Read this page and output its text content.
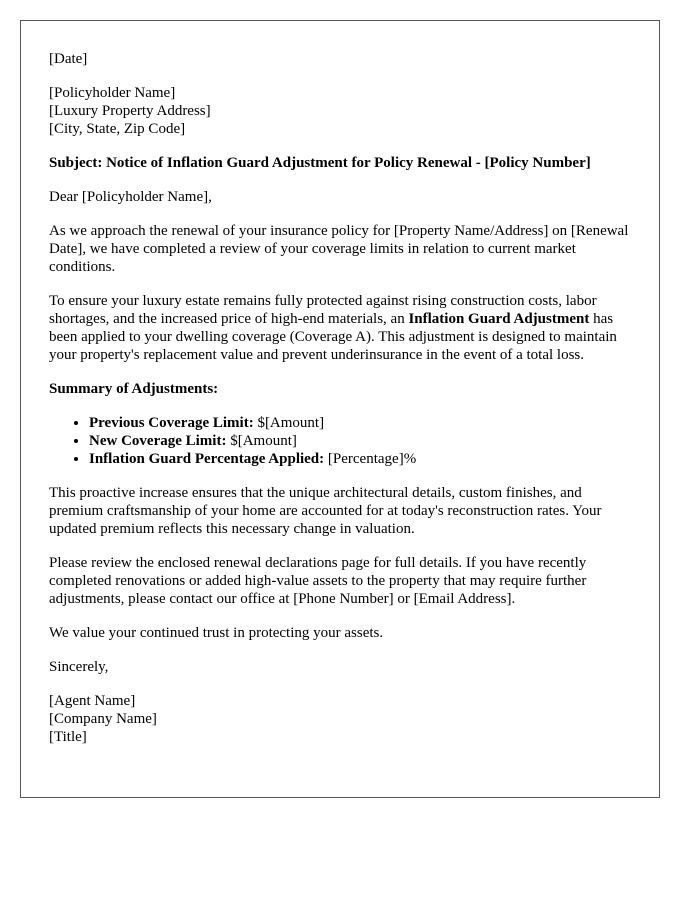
[Date]

[Policyholder Name]
[Luxury Property Address]
[City, State, Zip Code]

Subject: Notice of Inflation Guard Adjustment for Policy Renewal - [Policy Number]

Dear [Policyholder Name],

As we approach the renewal of your insurance policy for [Property Name/Address] on [Renewal Date], we have completed a review of your coverage limits in relation to current market conditions.

To ensure your luxury estate remains fully protected against rising construction costs, labor shortages, and the increased price of high-end materials, an Inflation Guard Adjustment has been applied to your dwelling coverage (Coverage A). This adjustment is designed to maintain your property's replacement value and prevent underinsurance in the event of a total loss.

Summary of Adjustments:

• Previous Coverage Limit: $[Amount]
• New Coverage Limit: $[Amount]
• Inflation Guard Percentage Applied: [Percentage]%

This proactive increase ensures that the unique architectural details, custom finishes, and premium craftsmanship of your home are accounted for at today's reconstruction rates. Your updated premium reflects this necessary change in valuation.

Please review the enclosed renewal declarations page for full details. If you have recently completed renovations or added high-value assets to the property that may require further adjustments, please contact our office at [Phone Number] or [Email Address].

We value your continued trust in protecting your assets.

Sincerely,

[Agent Name]
[Company Name]
[Title]
